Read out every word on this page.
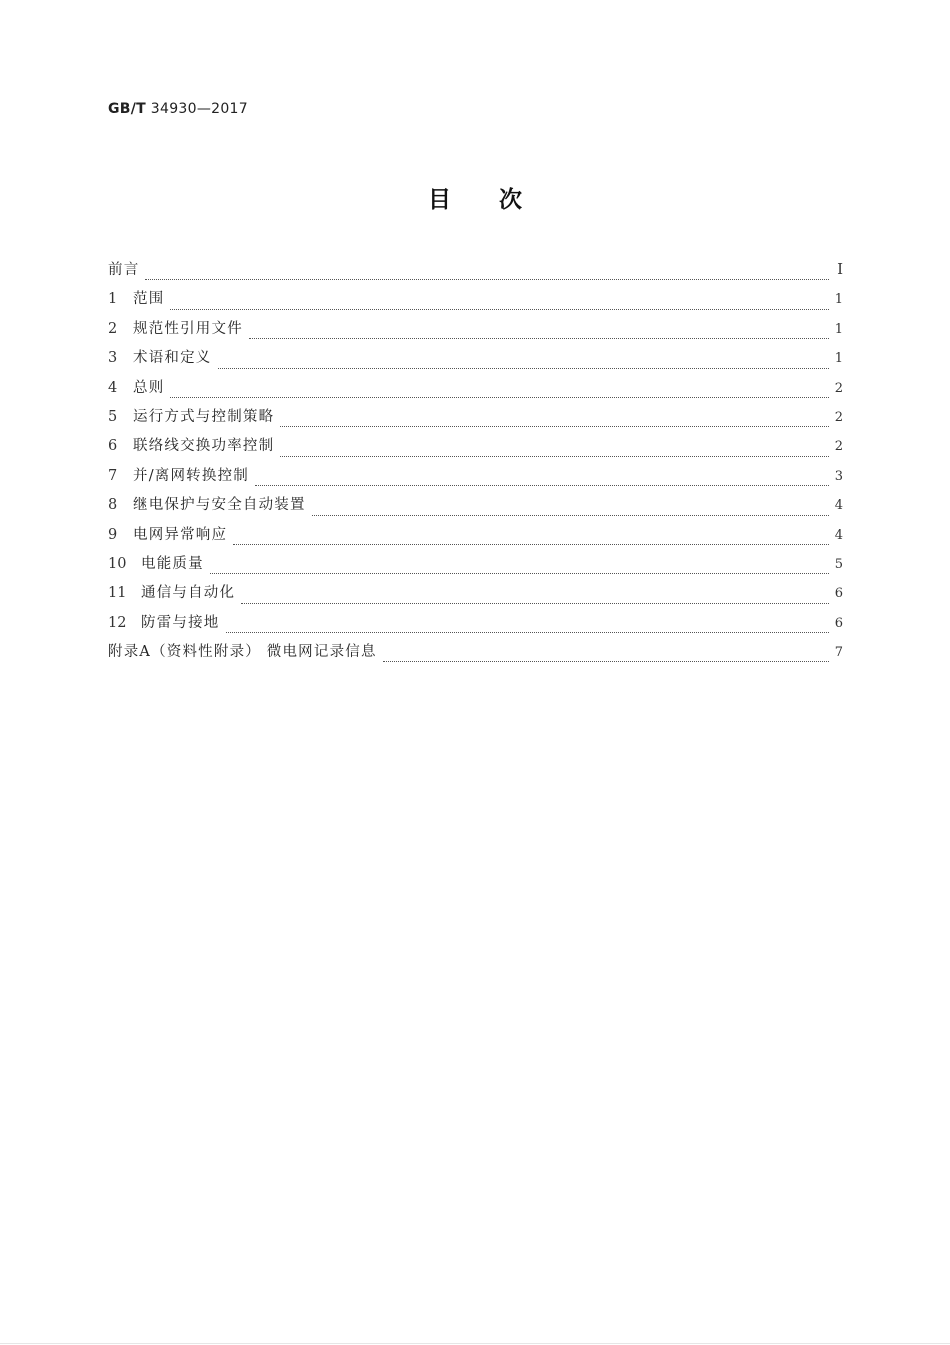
GB/T 34930—2017
目次
前言	Ⅰ
1	范围	1
2	规范性引用文件	1
3	术语和定义	1
4	总则	2
5	运行方式与控制策略	2
6	联络线交换功率控制	2
7	并/离网转换控制	3
8	继电保护与安全自动装置	4
9	电网异常响应	4
10	电能质量	5
11	通信与自动化	6
12	防雷与接地	6
附录A（资料性附录） 微电网记录信息	7
